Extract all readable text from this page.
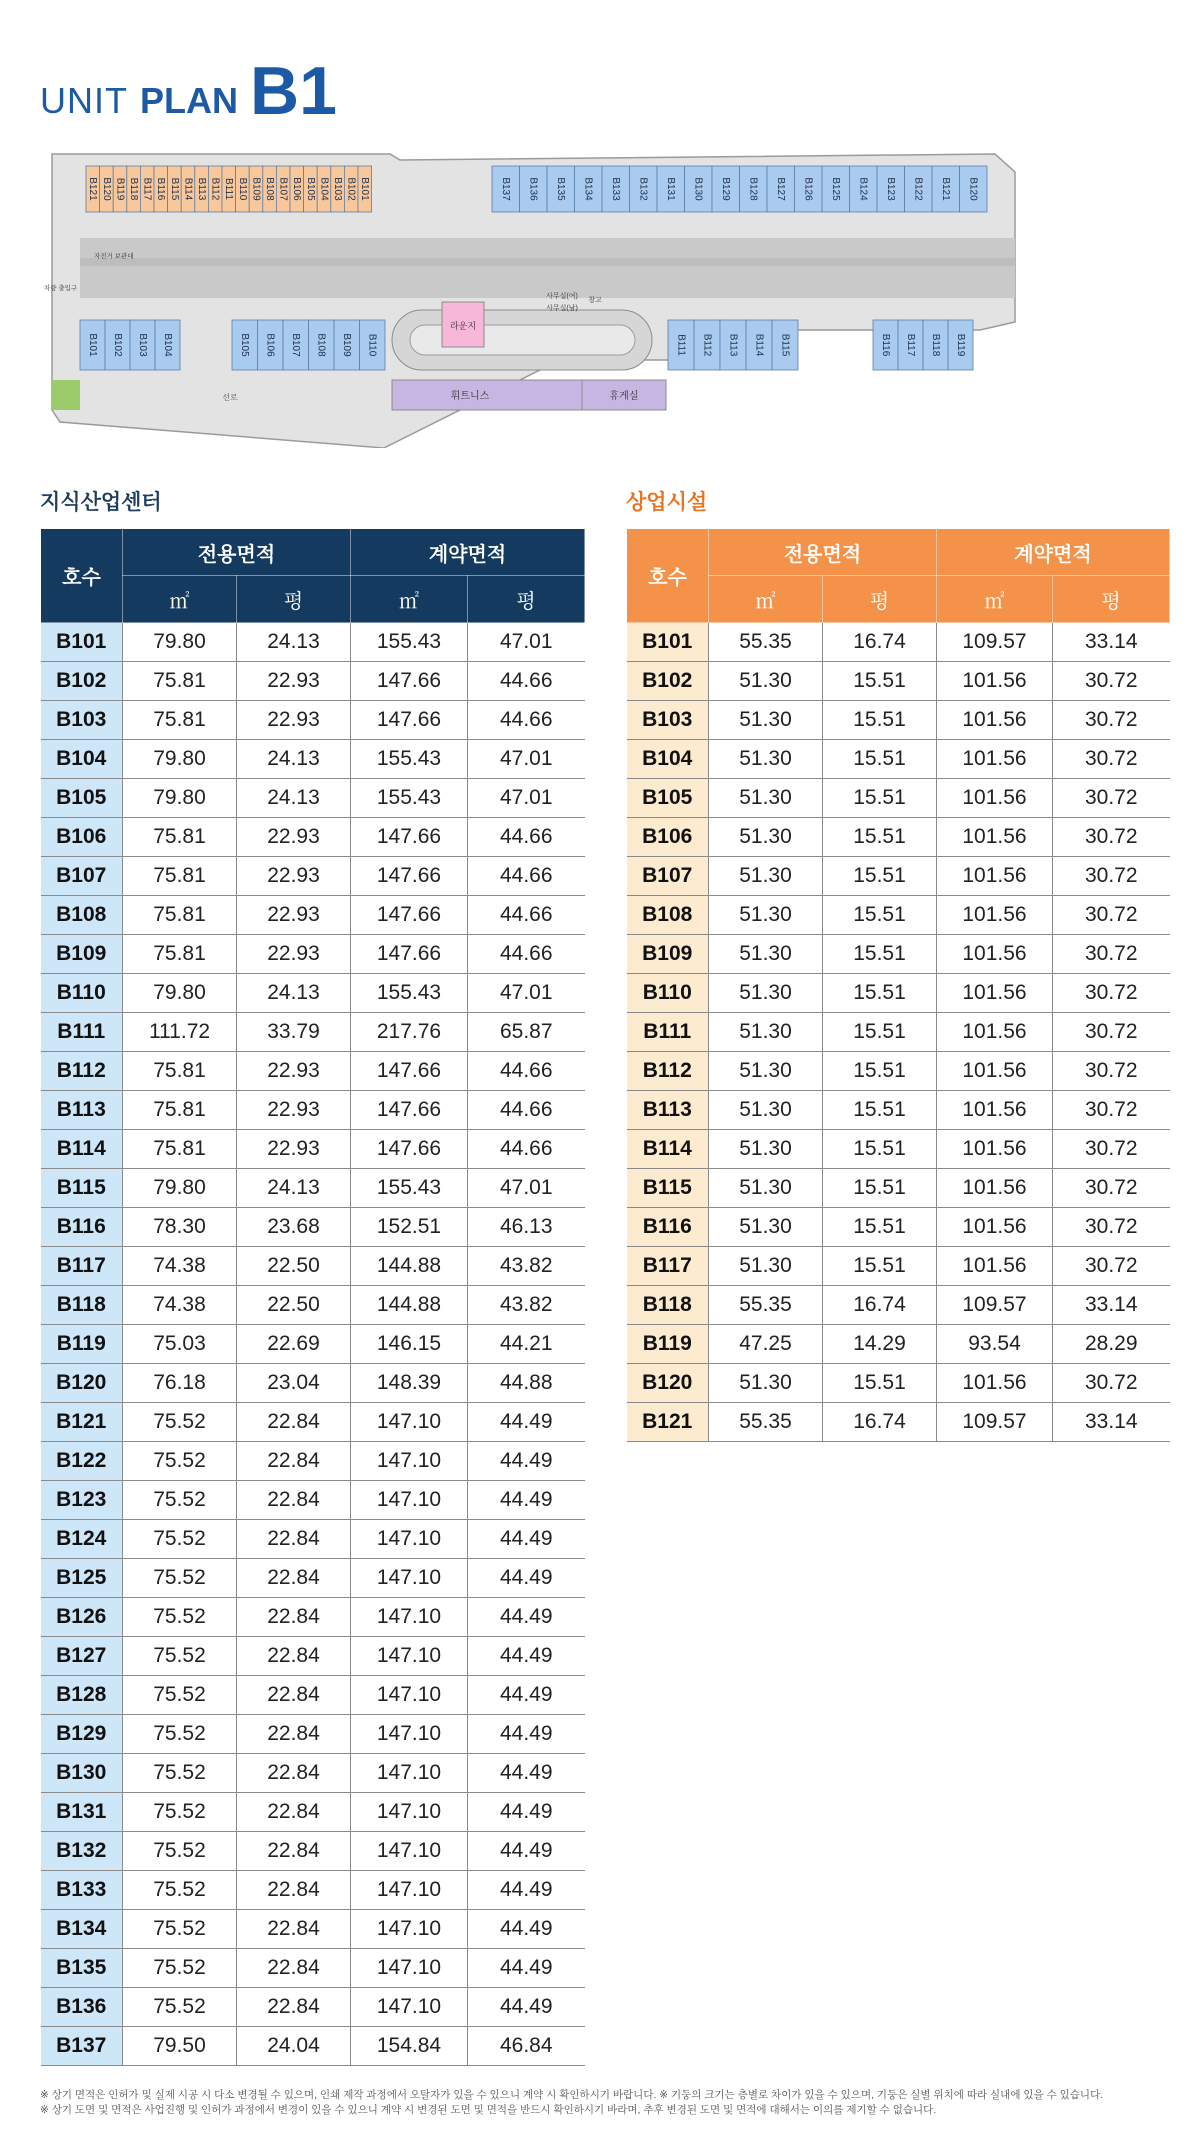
UNIT PLAN B1
라운지
휘트니스	휴게실
선로
사무실(여)
사무실(남)
창고
자전거 보관대
차량 출입구
B121 B120 B119 B118 B117 B116 B115 B114 B113 B112 B111 B110 B109 B108 B107 B106 B105 B104 B103 B102 B101	B137 B136 B135 B134 B133 B132 B131 B130 B129 B128 B127 B126 B125 B124 B123 B122 B121 B120
B101 B102 B103 B104	B105 B106 B107 B108 B109 B110	B111 B112 B113 B114 B115	B116 B117 B118 B119
지식산업센터	상업시설
호수	전용면적		계약면적	
	㎡	평	㎡	평
B101	79.80	24.13	155.43	47.01
B102	75.81	22.93	147.66	44.66
B103	75.81	22.93	147.66	44.66
B104	79.80	24.13	155.43	47.01
B105	79.80	24.13	155.43	47.01
B106	75.81	22.93	147.66	44.66
B107	75.81	22.93	147.66	44.66
B108	75.81	22.93	147.66	44.66
B109	75.81	22.93	147.66	44.66
B110	79.80	24.13	155.43	47.01
B111	111.72	33.79	217.76	65.87
B112	75.81	22.93	147.66	44.66
B113	75.81	22.93	147.66	44.66
B114	75.81	22.93	147.66	44.66
B115	79.80	24.13	155.43	47.01
B116	78.30	23.68	152.51	46.13
B117	74.38	22.50	144.88	43.82
B118	74.38	22.50	144.88	43.82
B119	75.03	22.69	146.15	44.21
B120	76.18	23.04	148.39	44.88
B121	75.52	22.84	147.10	44.49
B122	75.52	22.84	147.10	44.49
B123	75.52	22.84	147.10	44.49
B124	75.52	22.84	147.10	44.49
B125	75.52	22.84	147.10	44.49
B126	75.52	22.84	147.10	44.49
B127	75.52	22.84	147.10	44.49
B128	75.52	22.84	147.10	44.49
B129	75.52	22.84	147.10	44.49
B130	75.52	22.84	147.10	44.49
B131	75.52	22.84	147.10	44.49
B132	75.52	22.84	147.10	44.49
B133	75.52	22.84	147.10	44.49
B134	75.52	22.84	147.10	44.49
B135	75.52	22.84	147.10	44.49
B136	75.52	22.84	147.10	44.49
B137	79.50	24.04	154.84	46.84
호수	전용면적		계약면적	
	㎡	평	㎡	평
B101	55.35	16.74	109.57	33.14
B102	51.30	15.51	101.56	30.72
B103	51.30	15.51	101.56	30.72
B104	51.30	15.51	101.56	30.72
B105	51.30	15.51	101.56	30.72
B106	51.30	15.51	101.56	30.72
B107	51.30	15.51	101.56	30.72
B108	51.30	15.51	101.56	30.72
B109	51.30	15.51	101.56	30.72
B110	51.30	15.51	101.56	30.72
B111	51.30	15.51	101.56	30.72
B112	51.30	15.51	101.56	30.72
B113	51.30	15.51	101.56	30.72
B114	51.30	15.51	101.56	30.72
B115	51.30	15.51	101.56	30.72
B116	51.30	15.51	101.56	30.72
B117	51.30	15.51	101.56	30.72
B118	55.35	16.74	109.57	33.14
B119	47.25	14.29	93.54	28.29
B120	51.30	15.51	101.56	30.72
B121	55.35	16.74	109.57	33.14
※ 상기 면적은 인허가 및 실제 시공 시 다소 변경될 수 있으며, 인쇄 제작 과정에서 오탈자가 있을 수 있으니 계약 시 확인하시기 바랍니다. ※ 기둥의 크기는 층별로 차이가 있을 수 있으며, 기둥은 실별 위치에 따라 실내에 있을 수 있습니다.
※ 상기 도면 및 면적은 사업진행 및 인허가 과정에서 변경이 있을 수 있으니 계약 시 변경된 도면 및 면적을 반드시 확인하시기 바라며, 추후 변경된 도면 및 면적에 대해서는 이의를 제기할 수 없습니다.
